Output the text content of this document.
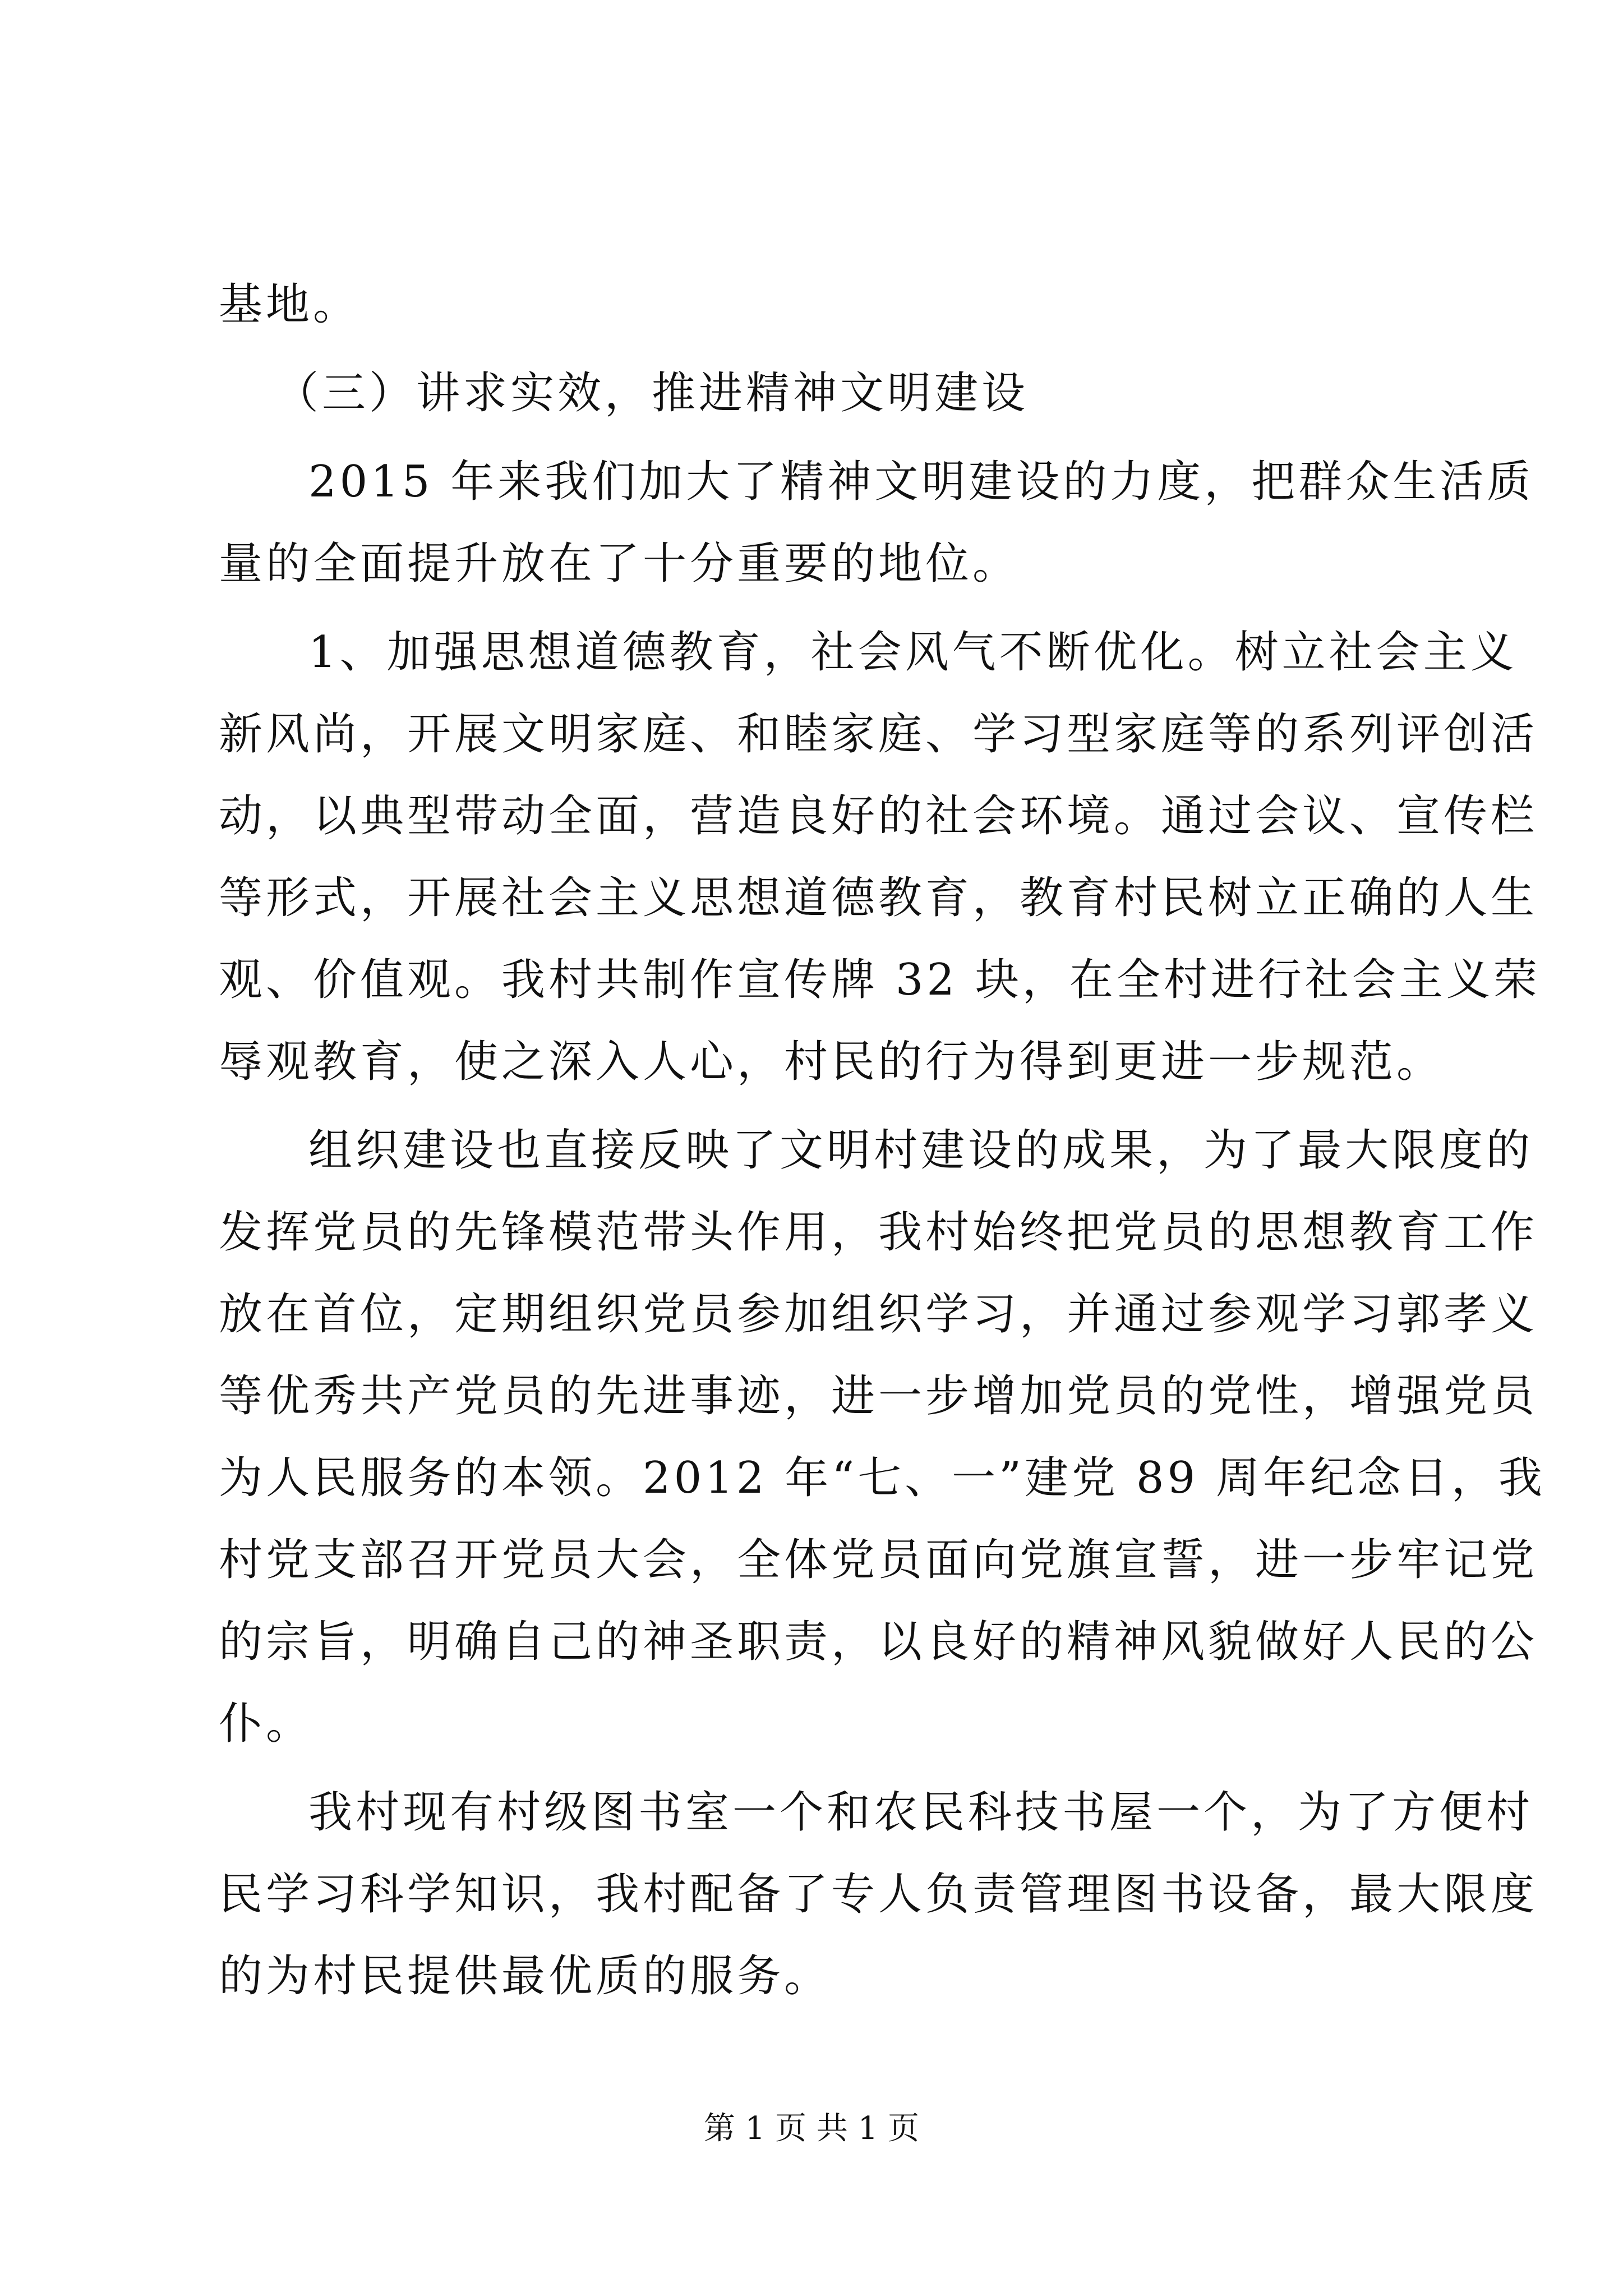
基地。
（三）讲求实效，推进精神文明建设
2015 年来我们加大了精神文明建设的力度，把群众生活质
量的全面提升放在了十分重要的地位。
1、加强思想道德教育，社会风气不断优化。树立社会主义
新风尚，开展文明家庭、和睦家庭、学习型家庭等的系列评创活
动，以典型带动全面，营造良好的社会环境。通过会议、宣传栏
等形式，开展社会主义思想道德教育，教育村民树立正确的人生
观、价值观。我村共制作宣传牌 32 块，在全村进行社会主义荣
辱观教育，使之深入人心，村民的行为得到更进一步规范。
组织建设也直接反映了文明村建设的成果，为了最大限度的
发挥党员的先锋模范带头作用，我村始终把党员的思想教育工作
放在首位，定期组织党员参加组织学习，并通过参观学习郭孝义
等优秀共产党员的先进事迹，进一步增加党员的党性，增强党员
为人民服务的本领。2012 年“七、一”建党 89 周年纪念日，我
村党支部召开党员大会，全体党员面向党旗宣誓，进一步牢记党
的宗旨，明确自己的神圣职责，以良好的精神风貌做好人民的公
仆。
我村现有村级图书室一个和农民科技书屋一个，为了方便村
民学习科学知识，我村配备了专人负责管理图书设备，最大限度
的为村民提供最优质的服务。
第 1 页 共 1 页
